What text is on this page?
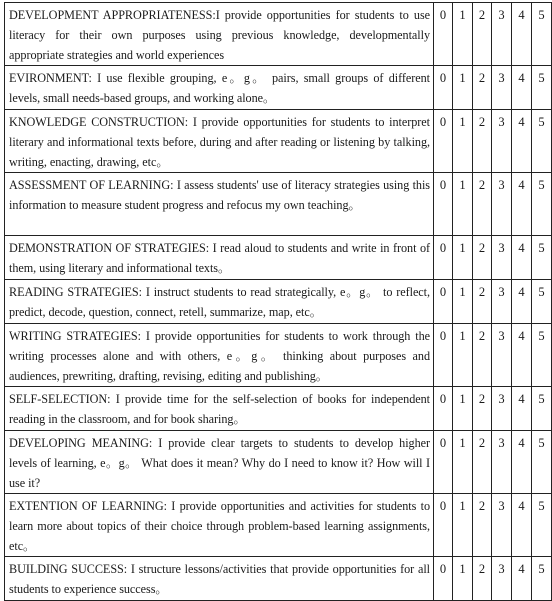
DEVELOPMENT APPROPRIATENESS:I provide opportunities for students to use literacy for their own purposes using previous knowledge, developmentally appropriate strategies and world experiences	0	1	2	3	4	5
EVIRONMENT: I use flexible grouping, e。g。 pairs, small groups of different levels, small needs-based groups, and working alone。	0	1	2	3	4	5
KNOWLEDGE CONSTRUCTION: I provide opportunities for students to interpret literary and informational texts before, during and after reading or listening by talking, writing, enacting, drawing, etc。	0	1	2	3	4	5
ASSESSMENT OF LEARNING: I assess students' use of literacy strategies using this information to measure student progress and refocus my own teaching。	0	1	2	3	4	5
DEMONSTRATION OF STRATEGIES: I read aloud to students and write in front of them, using literary and informational texts。	0	1	2	3	4	5
READING STRATEGIES: I instruct students to read strategically, e。g。 to reflect, predict, decode, question, connect, retell, summarize, map, etc。	0	1	2	3	4	5
WRITING STRATEGIES: I provide opportunities for students to work through the writing processes alone and with others, e。g。 thinking about purposes and audiences, prewriting, drafting, revising, editing and publishing。	0	1	2	3	4	5
SELF-SELECTION: I provide time for the self-selection of books for independent reading in the classroom, and for book sharing。	0	1	2	3	4	5
DEVELOPING MEANING: I provide clear targets to students to develop higher levels of learning, e。g。 What does it mean? Why do I need to know it? How will I use it?	0	1	2	3	4	5
EXTENTION OF LEARNING: I provide opportunities and activities for students to learn more about topics of their choice through problem-based learning assignments, etc。	0	1	2	3	4	5
BUILDING SUCCESS: I structure lessons/activities that provide opportunities for all students to experience success。	0	1	2	3	4	5
